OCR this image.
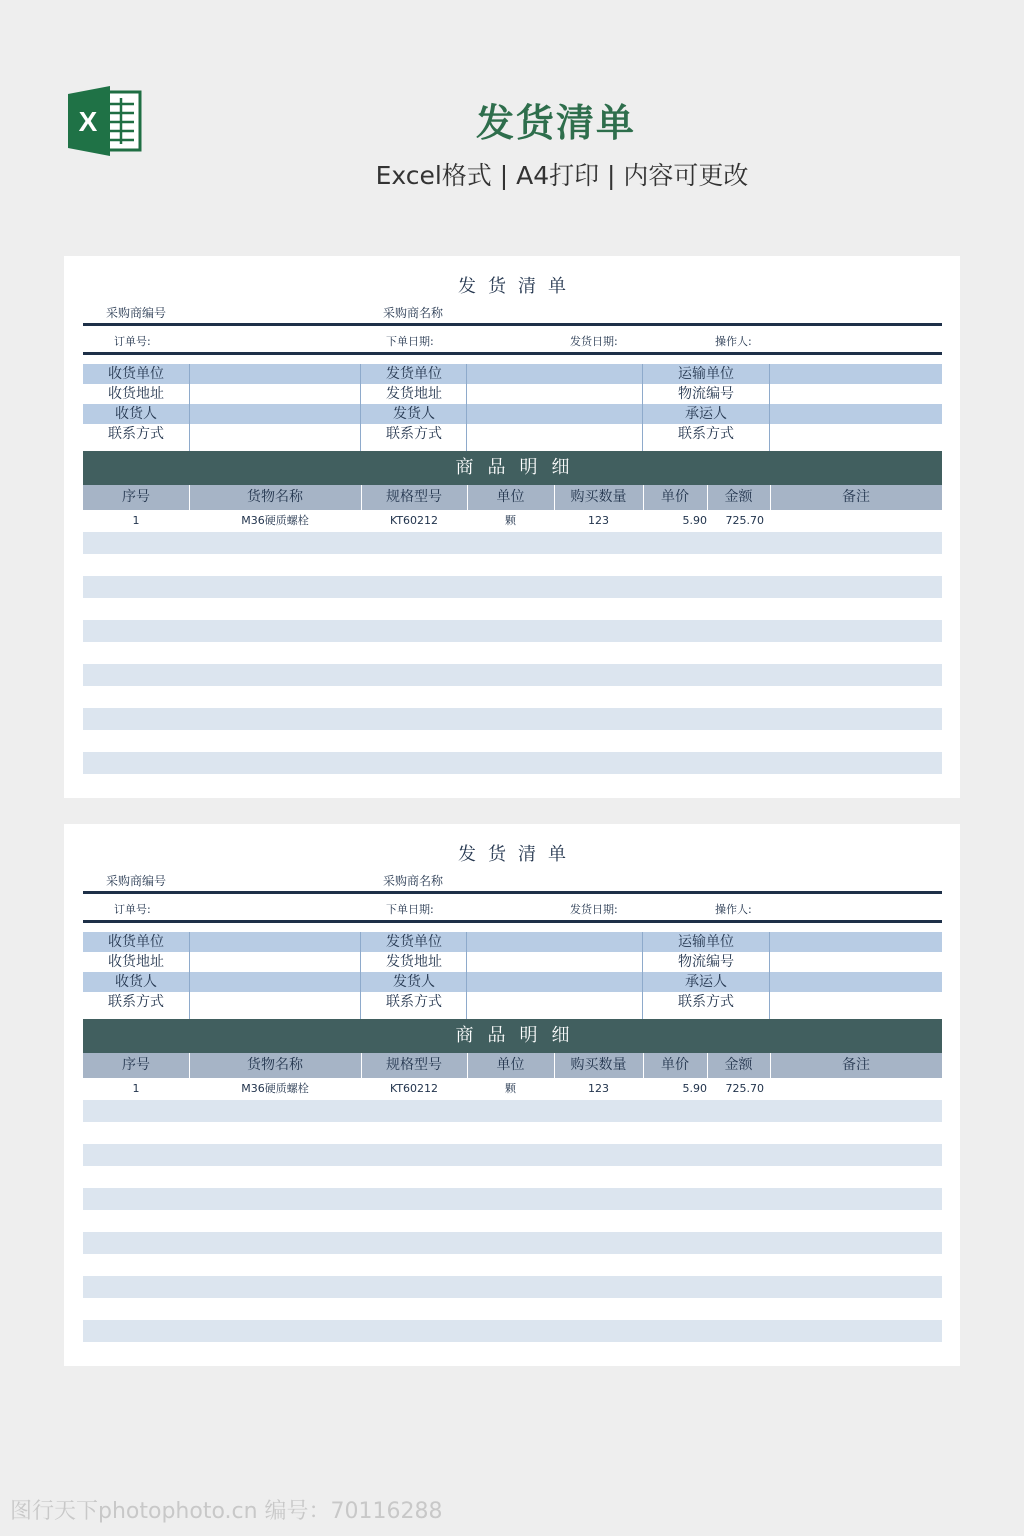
X	发货清单
Excel格式 | A4打印 | 内容可更改
发货清单
采购商编号	采购商名称
订单号:	下单日期:	发货日期:	操作人:
收货单位	发货单位	运输单位
收货地址	发货地址	物流编号
收货人	发货人	承运人
联系方式	联系方式	联系方式
商品明细
序号	货物名称	规格型号	单位	购买数量	单价	金额	备注
1	M36硬质螺栓	KT60212	颗	123	5.90	725.70
发货清单
采购商编号	采购商名称
订单号:	下单日期:	发货日期:	操作人:
收货单位	发货单位	运输单位
收货地址	发货地址	物流编号
收货人	发货人	承运人
联系方式	联系方式	联系方式
商品明细
序号	货物名称	规格型号	单位	购买数量	单价	金额	备注
1	M36硬质螺栓	KT60212	颗	123	5.90	725.70
图行天下photophoto.cn 编号：70116288
